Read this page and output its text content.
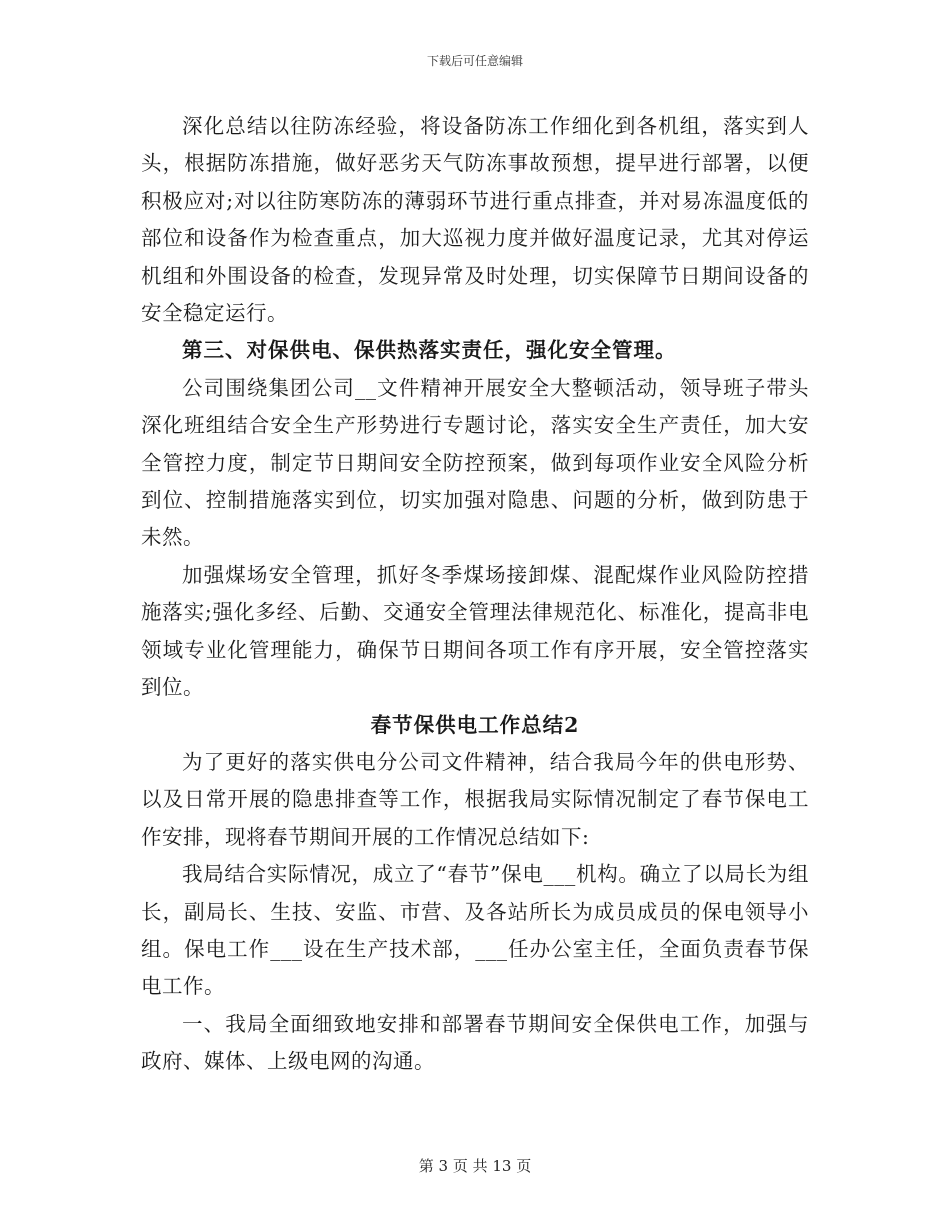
下载后可任意编辑

深化总结以往防冻经验，将设备防冻工作细化到各机组，落实到人头，根据防冻措施，做好恶劣天气防冻事故预想，提早进行部署，以便积极应对;对以往防寒防冻的薄弱环节进行重点排查，并对易冻温度低的部位和设备作为检查重点，加大巡视力度并做好温度记录，尤其对停运机组和外围设备的检查，发现异常及时处理，切实保障节日期间设备的安全稳定运行。

第三、对保供电、保供热落实责任，强化安全管理。

公司围绕集团公司__文件精神开展安全大整顿活动，领导班子带头深化班组结合安全生产形势进行专题讨论，落实安全生产责任，加大安全管控力度，制定节日期间安全防控预案，做到每项作业安全风险分析到位、控制措施落实到位，切实加强对隐患、问题的分析，做到防患于未然。

加强煤场安全管理，抓好冬季煤场接卸煤、混配煤作业风险防控措施落实;强化多经、后勤、交通安全管理法律规范化、标准化，提高非电领域专业化管理能力，确保节日期间各项工作有序开展，安全管控落实到位。

春节保供电工作总结2

为了更好的落实供电分公司文件精神，结合我局今年的供电形势、以及日常开展的隐患排查等工作，根据我局实际情况制定了春节保电工作安排，现将春节期间开展的工作情况总结如下:

我局结合实际情况，成立了“春节”保电___机构。确立了以局长为组长，副局长、生技、安监、市营、及各站所长为成员成员的保电领导小组。保电工作___设在生产技术部，___任办公室主任，全面负责春节保电工作。

一、我局全面细致地安排和部署春节期间安全保供电工作，加强与政府、媒体、上级电网的沟通。

第 3 页 共 13 页
